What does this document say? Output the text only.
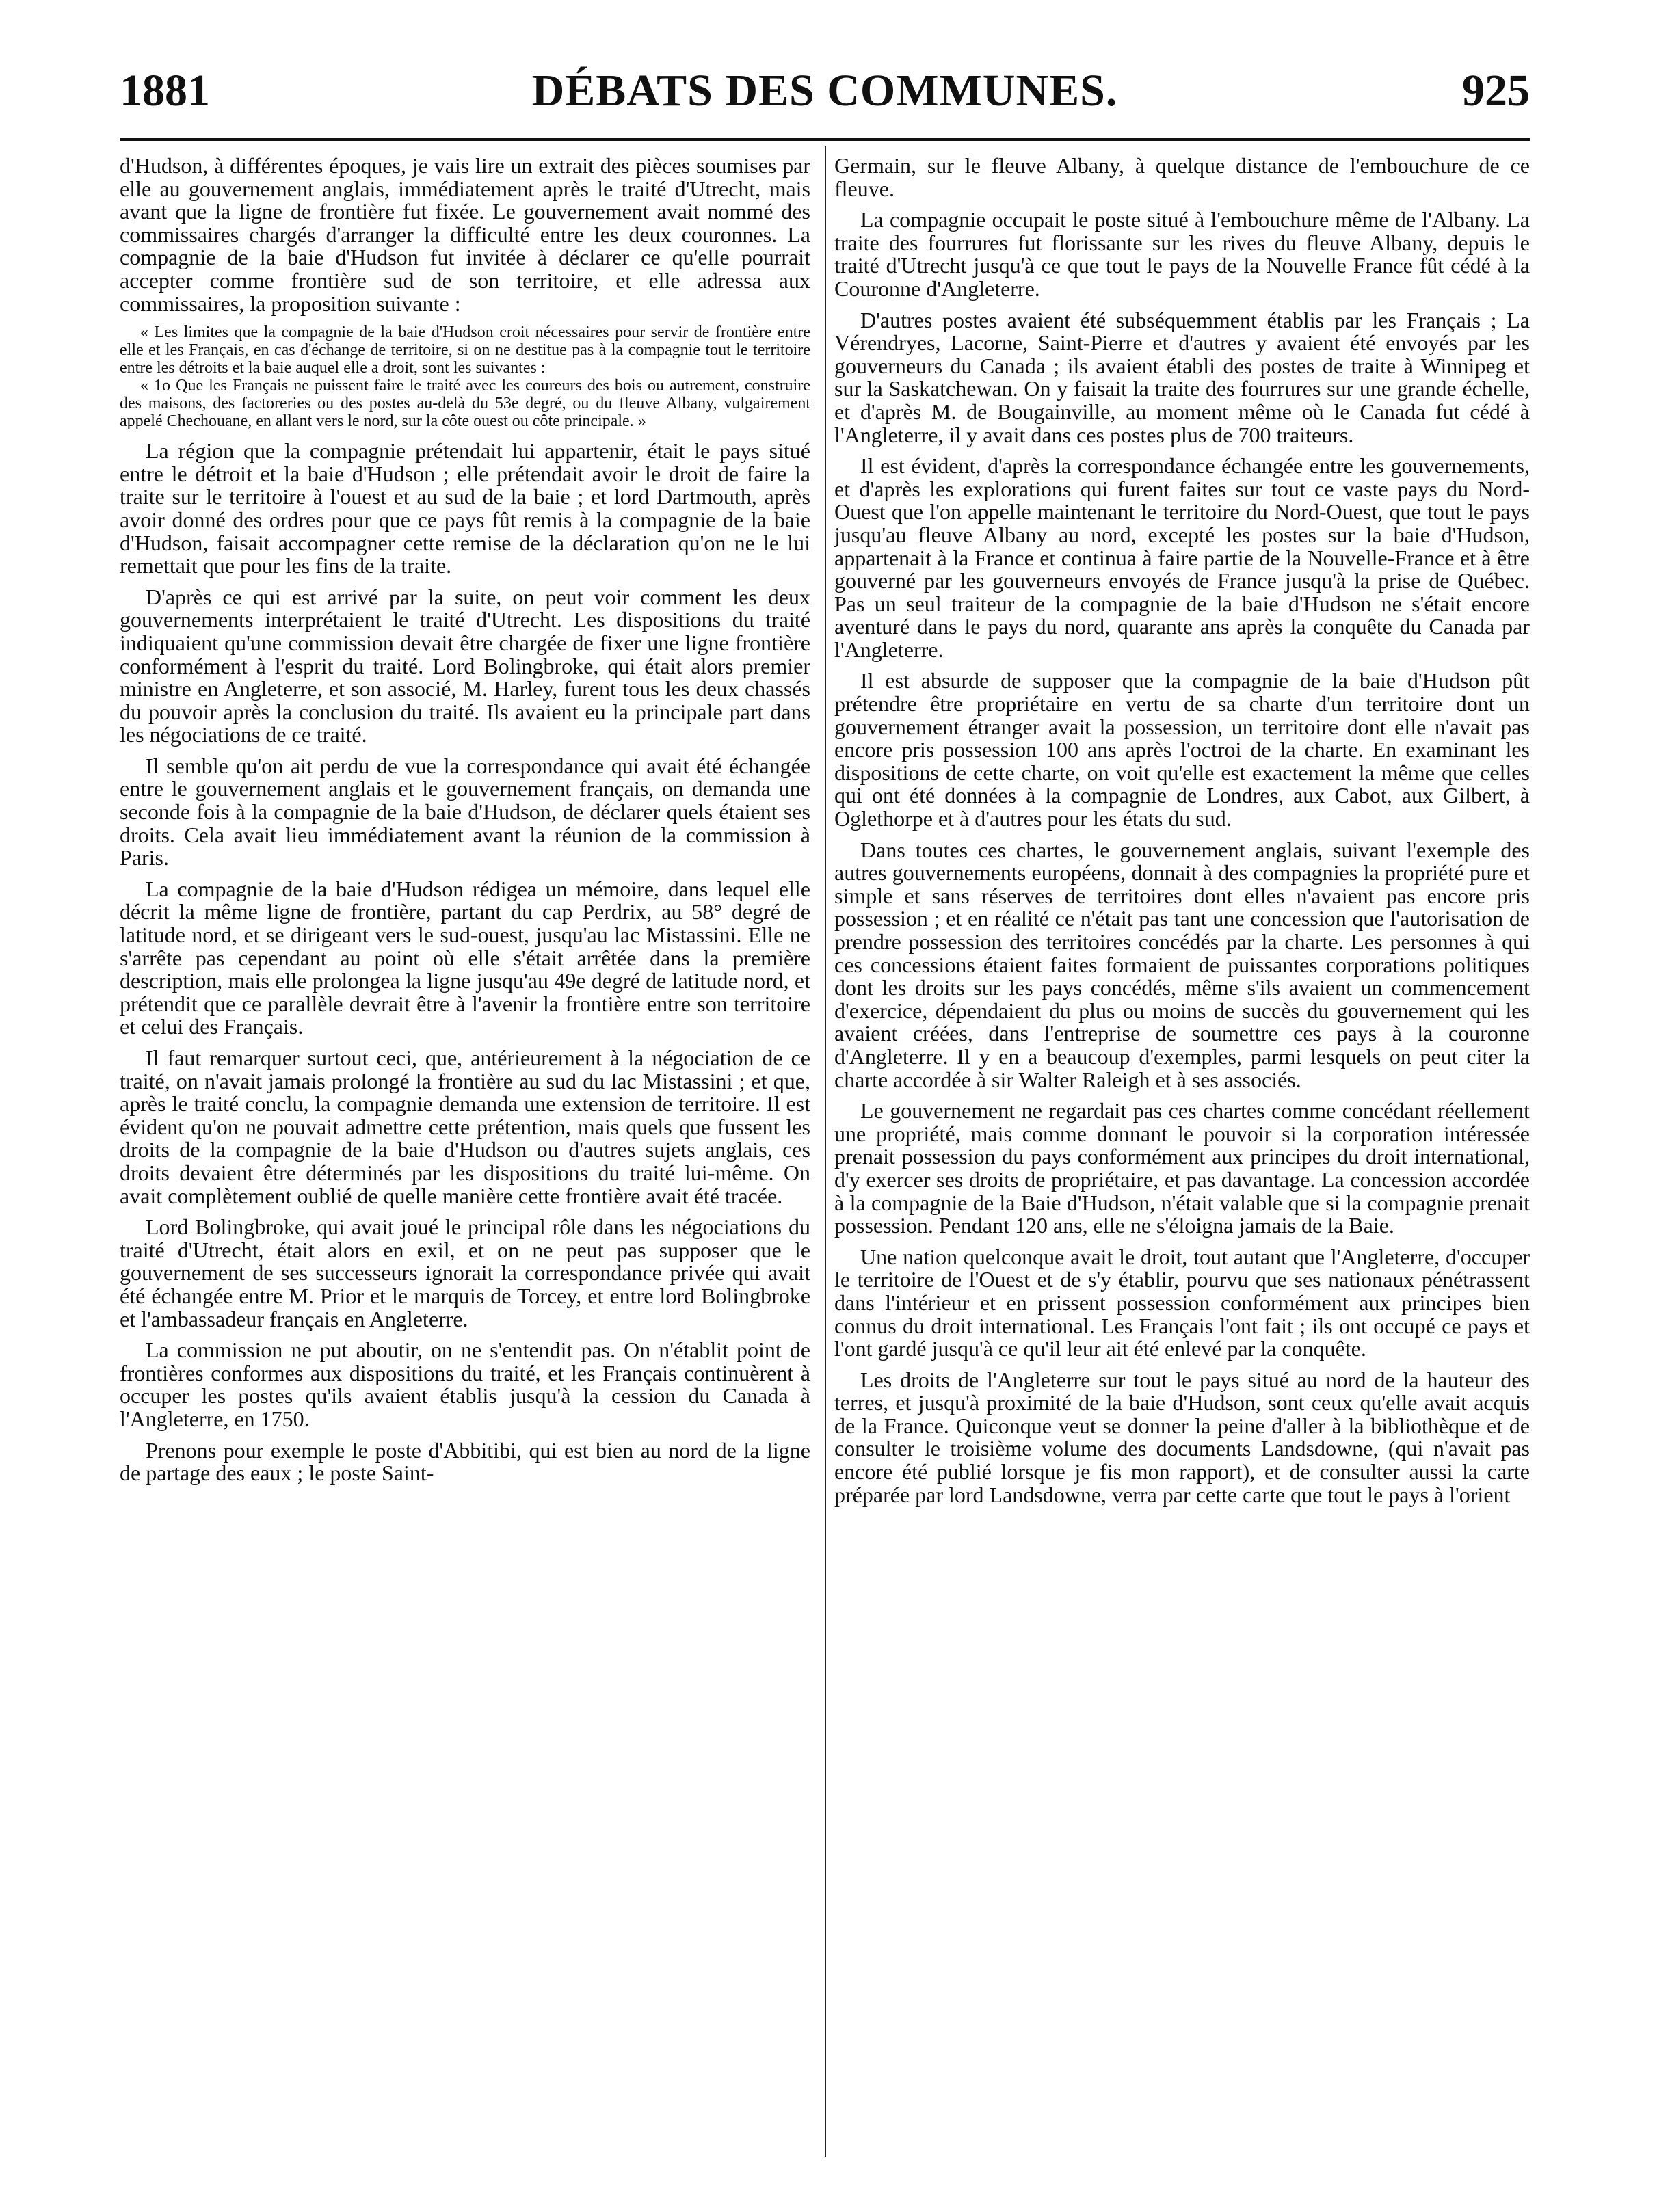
1881	DÉBATS DES COMMUNES.	925

d'Hudson, à différentes époques, je vais lire un extrait des pièces soumises par elle au gouvernement anglais, immédiatement après le traité d'Utrecht, mais avant que la ligne de frontière fut fixée. Le gouvernement avait nommé des commissaires chargés d'arranger la difficulté entre les deux couronnes. La compagnie de la baie d'Hudson fut invitée à déclarer ce qu'elle pourrait accepter comme frontière sud de son territoire, et elle adressa aux commissaires, la proposition suivante :

« Les limites que la compagnie de la baie d'Hudson croit nécessaires pour servir de frontière entre elle et les Français, en cas d'échange de territoire, si on ne destitue pas à la compagnie tout le territoire entre les détroits et la baie auquel elle a droit, sont les suivantes :

« 1o Que les Français ne puissent faire le traité avec les coureurs des bois ou autrement, construire des maisons, des factoreries ou des postes au-delà du 53e degré, ou du fleuve Albany, vulgairement appelé Chechouane, en allant vers le nord, sur la côte ouest ou côte principale. »

La région que la compagnie prétendait lui appartenir, était le pays situé entre le détroit et la baie d'Hudson ; elle prétendait avoir le droit de faire la traite sur le territoire à l'ouest et au sud de la baie ; et lord Dartmouth, après avoir donné des ordres pour que ce pays fût remis à la compagnie de la baie d'Hudson, faisait accompagner cette remise de la déclaration qu'on ne le lui remettait que pour les fins de la traite.

D'après ce qui est arrivé par la suite, on peut voir comment les deux gouvernements interprétaient le traité d'Utrecht. Les dispositions du traité indiquaient qu'une commission devait être chargée de fixer une ligne frontière conformément à l'esprit du traité. Lord Bolingbroke, qui était alors premier ministre en Angleterre, et son associé, M. Harley, furent tous les deux chassés du pouvoir après la conclusion du traité. Ils avaient eu la principale part dans les négociations de ce traité.

Il semble qu'on ait perdu de vue la correspondance qui avait été échangée entre le gouvernement anglais et le gouvernement français, on demanda une seconde fois à la compagnie de la baie d'Hudson, de déclarer quels étaient ses droits. Cela avait lieu immédiatement avant la réunion de la commission à Paris.

La compagnie de la baie d'Hudson rédigea un mémoire, dans lequel elle décrit la même ligne de frontière, partant du cap Perdrix, au 58° degré de latitude nord, et se dirigeant vers le sud-ouest, jusqu'au lac Mistassini. Elle ne s'arrête pas cependant au point où elle s'était arrêtée dans la première description, mais elle prolongea la ligne jusqu'au 49e degré de latitude nord, et prétendit que ce parallèle devrait être à l'avenir la frontière entre son territoire et celui des Français.

Il faut remarquer surtout ceci, que, antérieurement à la négociation de ce traité, on n'avait jamais prolongé la frontière au sud du lac Mistassini ; et que, après le traité conclu, la compagnie demanda une extension de territoire. Il est évident qu'on ne pouvait admettre cette prétention, mais quels que fussent les droits de la compagnie de la baie d'Hudson ou d'autres sujets anglais, ces droits devaient être déterminés par les dispositions du traité lui-même. On avait complètement oublié de quelle manière cette frontière avait été tracée.

Lord Bolingbroke, qui avait joué le principal rôle dans les négociations du traité d'Utrecht, était alors en exil, et on ne peut pas supposer que le gouvernement de ses successeurs ignorait la correspondance privée qui avait été échangée entre M. Prior et le marquis de Torcey, et entre lord Bolingbroke et l'ambassadeur français en Angleterre.

La commission ne put aboutir, on ne s'entendit pas. On n'établit point de frontières conformes aux dispositions du traité, et les Français continuèrent à occuper les postes qu'ils avaient établis jusqu'à la cession du Canada à l'Angleterre, en 1750.

Prenons pour exemple le poste d'Abbitibi, qui est bien au nord de la ligne de partage des eaux ; le poste Saint-

Germain, sur le fleuve Albany, à quelque distance de l'embouchure de ce fleuve.

La compagnie occupait le poste situé à l'embouchure même de l'Albany. La traite des fourrures fut florissante sur les rives du fleuve Albany, depuis le traité d'Utrecht jusqu'à ce que tout le pays de la Nouvelle France fût cédé à la Couronne d'Angleterre.

D'autres postes avaient été subséquemment établis par les Français ; La Vérendryes, Lacorne, Saint-Pierre et d'autres y avaient été envoyés par les gouverneurs du Canada ; ils avaient établi des postes de traite à Winnipeg et sur la Saskatchewan. On y faisait la traite des fourrures sur une grande échelle, et d'après M. de Bougainville, au moment même où le Canada fut cédé à l'Angleterre, il y avait dans ces postes plus de 700 traiteurs.

Il est évident, d'après la correspondance échangée entre les gouvernements, et d'après les explorations qui furent faites sur tout ce vaste pays du Nord-Ouest que l'on appelle maintenant le territoire du Nord-Ouest, que tout le pays jusqu'au fleuve Albany au nord, excepté les postes sur la baie d'Hudson, appartenait à la France et continua à faire partie de la Nouvelle-France et à être gouverné par les gouverneurs envoyés de France jusqu'à la prise de Québec. Pas un seul traiteur de la compagnie de la baie d'Hudson ne s'était encore aventuré dans le pays du nord, quarante ans après la conquête du Canada par l'Angleterre.

Il est absurde de supposer que la compagnie de la baie d'Hudson pût prétendre être propriétaire en vertu de sa charte d'un territoire dont un gouvernement étranger avait la possession, un territoire dont elle n'avait pas encore pris possession 100 ans après l'octroi de la charte. En examinant les dispositions de cette charte, on voit qu'elle est exactement la même que celles qui ont été données à la compagnie de Londres, aux Cabot, aux Gilbert, à Oglethorpe et à d'autres pour les états du sud.

Dans toutes ces chartes, le gouvernement anglais, suivant l'exemple des autres gouvernements européens, donnait à des compagnies la propriété pure et simple et sans réserves de territoires dont elles n'avaient pas encore pris possession ; et en réalité ce n'était pas tant une concession que l'autorisation de prendre possession des territoires concédés par la charte. Les personnes à qui ces concessions étaient faites formaient de puissantes corporations politiques dont les droits sur les pays concédés, même s'ils avaient un commencement d'exercice, dépendaient du plus ou moins de succès du gouvernement qui les avaient créées, dans l'entreprise de soumettre ces pays à la couronne d'Angleterre. Il y en a beaucoup d'exemples, parmi lesquels on peut citer la charte accordée à sir Walter Raleigh et à ses associés.

Le gouvernement ne regardait pas ces chartes comme concédant réellement une propriété, mais comme donnant le pouvoir si la corporation intéressée prenait possession du pays conformément aux principes du droit international, d'y exercer ses droits de propriétaire, et pas davantage. La concession accordée à la compagnie de la Baie d'Hudson, n'était valable que si la compagnie prenait possession. Pendant 120 ans, elle ne s'éloigna jamais de la Baie.

Une nation quelconque avait le droit, tout autant que l'Angleterre, d'occuper le territoire de l'Ouest et de s'y établir, pourvu que ses nationaux pénétrassent dans l'intérieur et en prissent possession conformément aux principes bien connus du droit international. Les Français l'ont fait ; ils ont occupé ce pays et l'ont gardé jusqu'à ce qu'il leur ait été enlevé par la conquête.

Les droits de l'Angleterre sur tout le pays situé au nord de la hauteur des terres, et jusqu'à proximité de la baie d'Hudson, sont ceux qu'elle avait acquis de la France. Quiconque veut se donner la peine d'aller à la bibliothèque et de consulter le troisième volume des documents Landsdowne, (qui n'avait pas encore été publié lorsque je fis mon rapport), et de consulter aussi la carte préparée par lord Landsdowne, verra par cette carte que tout le pays à l'orient
